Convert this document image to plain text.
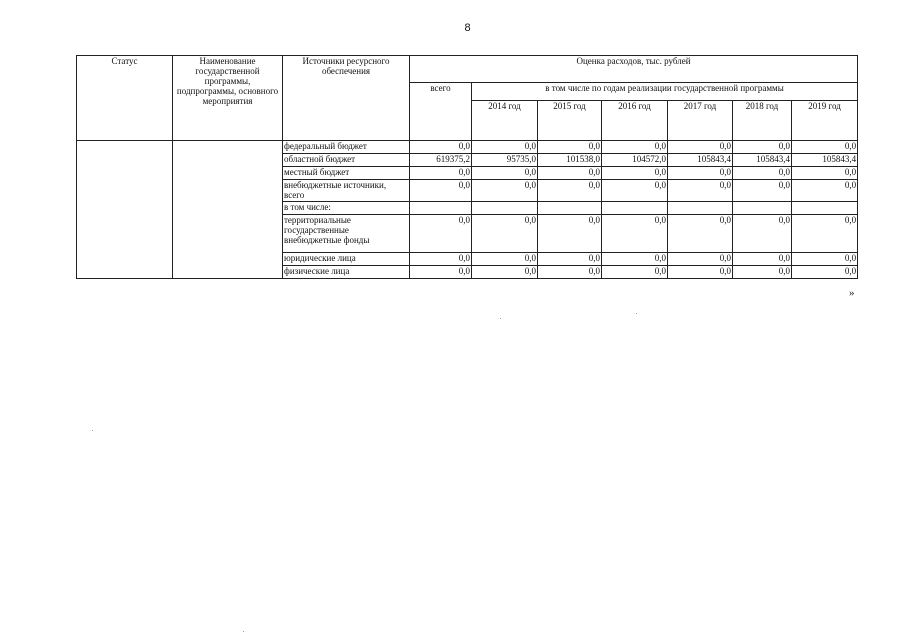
8
Статус	Наименование государственной программы, подпрограммы, основного мероприятия	Источники ресурсного обеспечения	Оценка расходов, тыс. рублей						
			всего	в том числе по годам реализации государственной программы					
				2014 год	2015 год	2016 год	2017 год	2018 год	2019 год
		федеральный бюджет	0,0	0,0	0,0	0,0	0,0	0,0	0,0
		областной бюджет	619375,2	95735,0	101538,0	104572,0	105843,4	105843,4	105843,4
		местный бюджет	0,0	0,0	0,0	0,0	0,0	0,0	0,0
		внебюджетные источники, всего	0,0	0,0	0,0	0,0	0,0	0,0	0,0
		в том числе:							
		территориальные государственные внебюджетные фонды	0,0	0,0	0,0	0,0	0,0	0,0	0,0
		юридические лица	0,0	0,0	0,0	0,0	0,0	0,0	0,0
		физические лица	0,0	0,0	0,0	0,0	0,0	0,0	0,0
»
